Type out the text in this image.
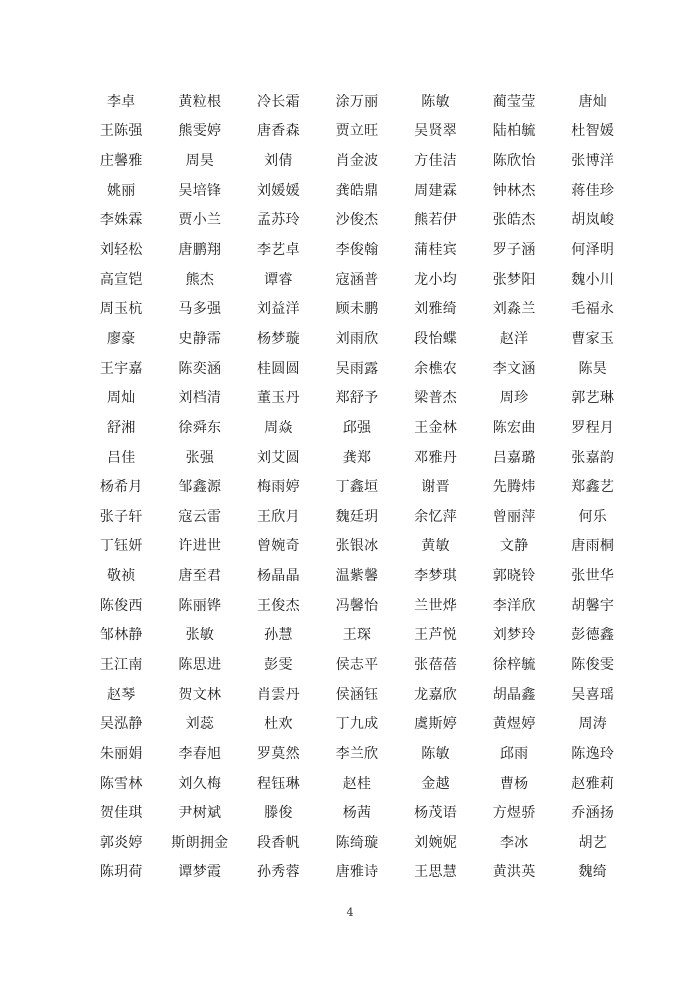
李卓	黄粒根	冷长霜	涂万丽	陈敏	蔺莹莹	唐灿
王陈强	熊雯婷	唐香森	贾立旺	吴贤翠	陆柏毓	杜智媛
庄馨雅	周昊	刘倩	肖金波	方佳洁	陈欣怡	张博洋
姚丽	吴培锋	刘媛媛	龚皓鼎	周建霖	钟林杰	蒋佳珍
李姝霖	贾小兰	孟苏玲	沙俊杰	熊若伊	张皓杰	胡岚峻
刘轻松	唐鹏翔	李艺卓	李俊翰	蒲桂宾	罗子涵	何泽明
高宣铠	熊杰	谭睿	寇涵普	龙小均	张梦阳	魏小川
周玉杭	马多强	刘益洋	顾未鹏	刘雅绮	刘淼兰	毛福永
廖豪	史静霈	杨梦璇	刘雨欣	段怡蝶	赵洋	曹家玉
王宇嘉	陈奕涵	桂圆圆	吴雨露	余樵农	李文涵	陈昊
周灿	刘档清	董玉丹	郑舒予	梁普杰	周珍	郭艺琳
舒湘	徐舜东	周焱	邱强	王金林	陈宏曲	罗程月
吕佳	张强	刘艾圆	龚郑	邓雅丹	吕嘉璐	张嘉韵
杨希月	邹鑫源	梅雨婷	丁鑫垣	谢晋	先腾炜	郑鑫艺
张子轩	寇云雷	王欣月	魏廷玥	余忆萍	曾丽萍	何乐
丁钰妍	许进世	曾婉奇	张银冰	黄敏	文静	唐雨桐
敬祯	唐至君	杨晶晶	温紫馨	李梦琪	郭晓铃	张世华
陈俊西	陈丽铧	王俊杰	冯馨怡	兰世烨	李洋欣	胡馨宇
邹林静	张敏	孙慧	王琛	王芦悦	刘梦玲	彭德鑫
王江南	陈思进	彭雯	侯志平	张蓓蓓	徐梓毓	陈俊雯
赵琴	贺文林	肖雲丹	侯涵钰	龙嘉欣	胡晶鑫	吴喜瑶
吴泓静	刘蕊	杜欢	丁九成	虞斯婷	黄煜婷	周涛
朱丽娟	李春旭	罗莫然	李兰欣	陈敏	邱雨	陈逸玲
陈雪林	刘久梅	程钰琳	赵桂	金越	曹杨	赵雅莉
贺佳琪	尹树斌	滕俊	杨茜	杨茂语	方煜骄	乔涵扬
郭炎婷	斯朗拥金	段香帆	陈绮璇	刘婉妮	李冰	胡艺
陈玥荷	谭梦霞	孙秀蓉	唐雅诗	王思慧	黄洪英	魏绮
4
